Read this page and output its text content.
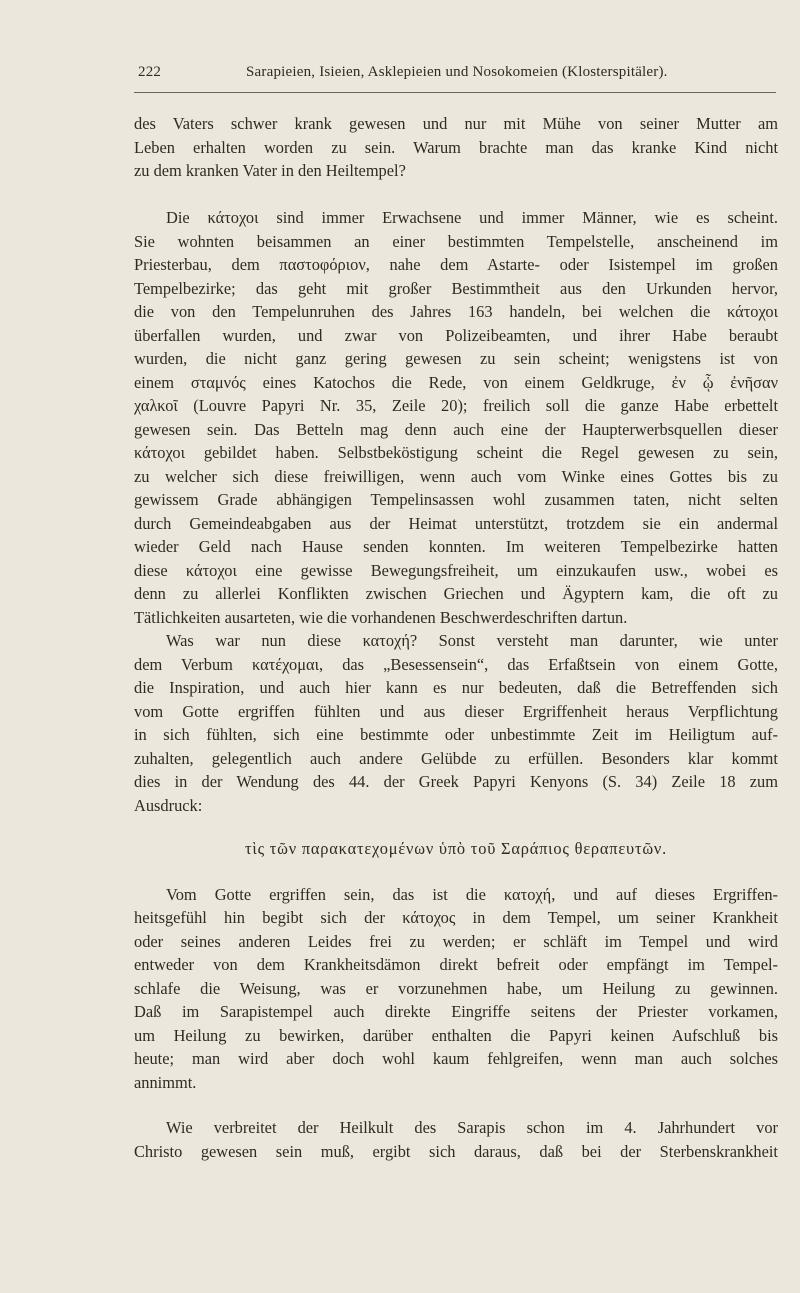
222	Sarapieien, Isieien, Asklepieien und Nosokomeien (Klosterspitäler).
des Vaters schwer krank gewesen und nur mit Mühe von seiner Mutter am
Leben erhalten worden zu sein. Warum brachte man das kranke Kind nicht
zu dem kranken Vater in den Heiltempel?
Die κάτοχοι sind immer Erwachsene und immer Männer, wie es scheint.
Sie wohnten beisammen an einer bestimmten Tempelstelle, anscheinend im
Priesterbau, dem παστοφόριον, nahe dem Astarte- oder Isistempel im großen
Tempelbezirke; das geht mit großer Bestimmtheit aus den Urkunden hervor,
die von den Tempelunruhen des Jahres 163 handeln, bei welchen die κάτοχοι
überfallen wurden, und zwar von Polizeibeamten, und ihrer Habe beraubt
wurden, die nicht ganz gering gewesen zu sein scheint; wenigstens ist von
einem σταμνός eines Katochos die Rede, von einem Geldkruge, ἐν ᾧ ἐνῆσαν
χαλκοῖ (Louvre Papyri Nr. 35, Zeile 20); freilich soll die ganze Habe erbettelt
gewesen sein. Das Betteln mag denn auch eine der Haupterwerbsquellen dieser
κάτοχοι gebildet haben. Selbstbeköstigung scheint die Regel gewesen zu sein,
zu welcher sich diese freiwilligen, wenn auch vom Winke eines Gottes bis zu
gewissem Grade abhängigen Tempelinsassen wohl zusammen taten, nicht selten
durch Gemeindeabgaben aus der Heimat unterstützt, trotzdem sie ein andermal
wieder Geld nach Hause senden konnten. Im weiteren Tempelbezirke hatten
diese κάτοχοι eine gewisse Bewegungsfreiheit, um einzukaufen usw., wobei es
denn zu allerlei Konflikten zwischen Griechen und Ägyptern kam, die oft zu
Tätlichkeiten ausarteten, wie die vorhandenen Beschwerdeschriften dartun.
Was war nun diese κατοχή? Sonst versteht man darunter, wie unter
dem Verbum κατέχομαι, das „Besessensein“, das Erfaßtsein von einem Gotte,
die Inspiration, und auch hier kann es nur bedeuten, daß die Betreffenden sich
vom Gotte ergriffen fühlten und aus dieser Ergriffenheit heraus Verpflichtung
in sich fühlten, sich eine bestimmte oder unbestimmte Zeit im Heiligtum auf-
zuhalten, gelegentlich auch andere Gelübde zu erfüllen. Besonders klar kommt
dies in der Wendung des 44. der Greek Papyri Kenyons (S. 34) Zeile 18 zum
Ausdruck:
τὶς τῶν παρακατεχομένων ὑπὸ τοῦ Σαράπιος θεραπευτῶν.
Vom Gotte ergriffen sein, das ist die κατοχή, und auf dieses Ergriffen-
heitsgefühl hin begibt sich der κάτοχος in dem Tempel, um seiner Krankheit
oder seines anderen Leides frei zu werden; er schläft im Tempel und wird
entweder von dem Krankheitsdämon direkt befreit oder empfängt im Tempel-
schlafe die Weisung, was er vorzunehmen habe, um Heilung zu gewinnen.
Daß im Sarapistempel auch direkte Eingriffe seitens der Priester vorkamen,
um Heilung zu bewirken, darüber enthalten die Papyri keinen Aufschluß bis
heute; man wird aber doch wohl kaum fehlgreifen, wenn man auch solches
annimmt.
Wie verbreitet der Heilkult des Sarapis schon im 4. Jahrhundert vor
Christo gewesen sein muß, ergibt sich daraus, daß bei der Sterbenskrankheit
